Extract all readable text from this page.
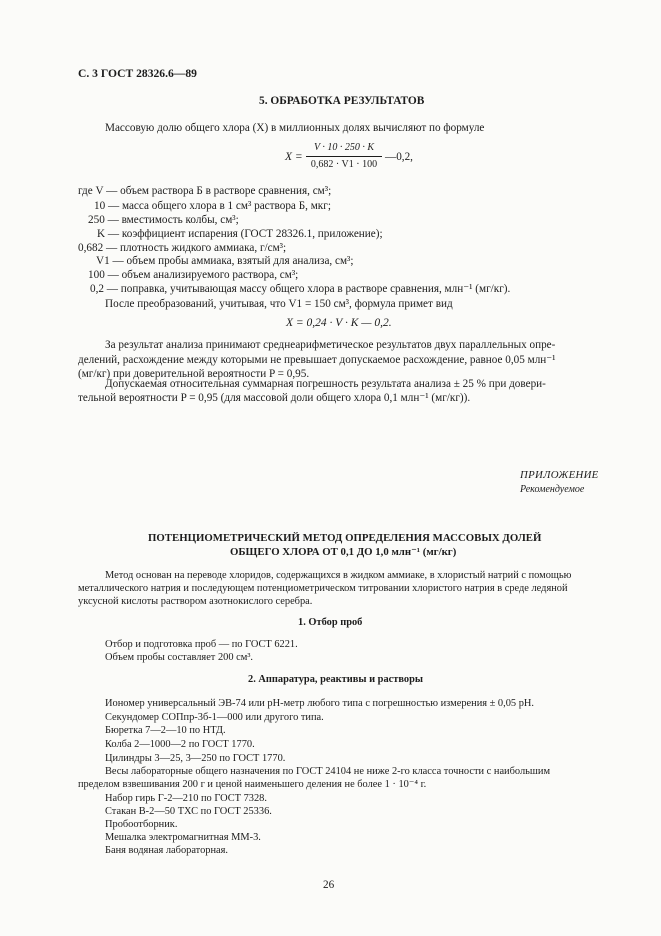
С. 3 ГОСТ 28326.6—89
5. ОБРАБОТКА РЕЗУЛЬТАТОВ
Массовую долю общего хлора (X) в миллионных долях вычисляют по формуле
X =
V · 10 · 250 · K
0,682 · V1 · 100
—0,2,
где V — объем раствора Б в растворе сравнения, см³;
10 — масса общего хлора в 1 см³ раствора Б, мкг;
250 — вместимость колбы, см³;
K — коэффициент испарения (ГОСТ 28326.1, приложение);
0,682 — плотность жидкого аммиака, г/см³;
V1 — объем пробы аммиака, взятый для анализа, см³;
100 — объем анализируемого раствора, см³;
0,2 — поправка, учитывающая массу общего хлора в растворе сравнения, млн⁻¹ (мг/кг).
После преобразований, учитывая, что V1 = 150 см³, формула примет вид
X = 0,24 · V · K — 0,2.
За результат анализа принимают среднеарифметическое результатов двух параллельных опре-
делений, расхождение между которыми не превышает допускаемое расхождение, равное 0,05 млн⁻¹
(мг/кг) при доверительной вероятности P = 0,95.
Допускаемая относительная суммарная погрешность результата анализа ± 25 % при довери-
тельной вероятности P = 0,95 (для массовой доли общего хлора 0,1 млн⁻¹ (мг/кг)).
ПРИЛОЖЕНИЕ
Рекомендуемое
ПОТЕНЦИОМЕТРИЧЕСКИЙ МЕТОД ОПРЕДЕЛЕНИЯ МАССОВЫХ ДОЛЕЙ
ОБЩЕГО ХЛОРА ОТ 0,1 ДО 1,0 млн⁻¹ (мг/кг)
Метод основан на переводе хлоридов, содержащихся в жидком аммиаке, в хлористый натрий с помощью
металлического натрия и последующем потенциометрическом титровании хлористого натрия в среде ледяной
уксусной кислоты раствором азотнокислого серебра.
1. Отбор проб
Отбор и подготовка проб — по ГОСТ 6221.
Объем пробы составляет 200 см³.
2. Аппаратура, реактивы и растворы
Иономер универсальный ЭВ-74 или pH-метр любого типа с погрешностью измерения ± 0,05 pH.
Секундомер СОПпр-3б-1—000 или другого типа.
Бюретка 7—2—10 по НТД.
Колба 2—1000—2 по ГОСТ 1770.
Цилиндры 3—25, 3—250 по ГОСТ 1770.
Весы лабораторные общего назначения по ГОСТ 24104 не ниже 2-го класса точности с наибольшим
пределом взвешивания 200 г и ценой наименьшего деления не более 1 · 10⁻⁴ г.
Набор гирь Г-2—210 по ГОСТ 7328.
Стакан В-2—50 ТХС по ГОСТ 25336.
Пробоотборник.
Мешалка электромагнитная ММ-3.
Баня водяная лабораторная.
26
